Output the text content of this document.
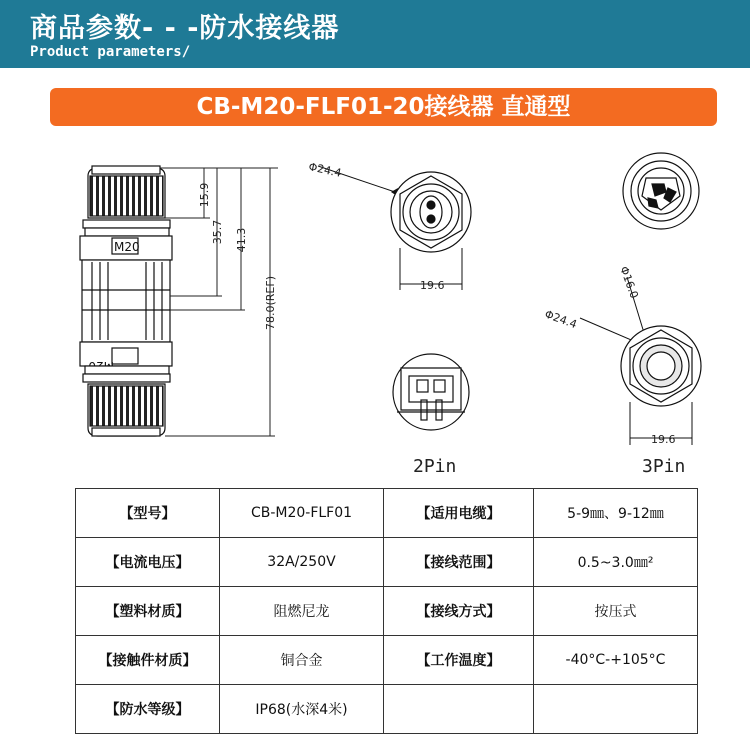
商品参数- - -防水接线器
Product parameters/
CB-M20-FLF01-20接线器 直通型
M20
15.9
35.7 41.3
78.0(REF)
Φ24.4
19.6
Φ24.4
Φ16.0
19.6
2Pin	3Pin
【型号】	CB-M20-FLF01	【适用电缆】	5-9㎜、9-12㎜
【电流电压】	32A/250V	【接线范围】	0.5~3.0㎜²
【塑料材质】	阻燃尼龙	【接线方式】	按压式
【接触件材质】	铜合金	【工作温度】	-40°C-+105°C
【防水等级】	IP68(水深4米)		
